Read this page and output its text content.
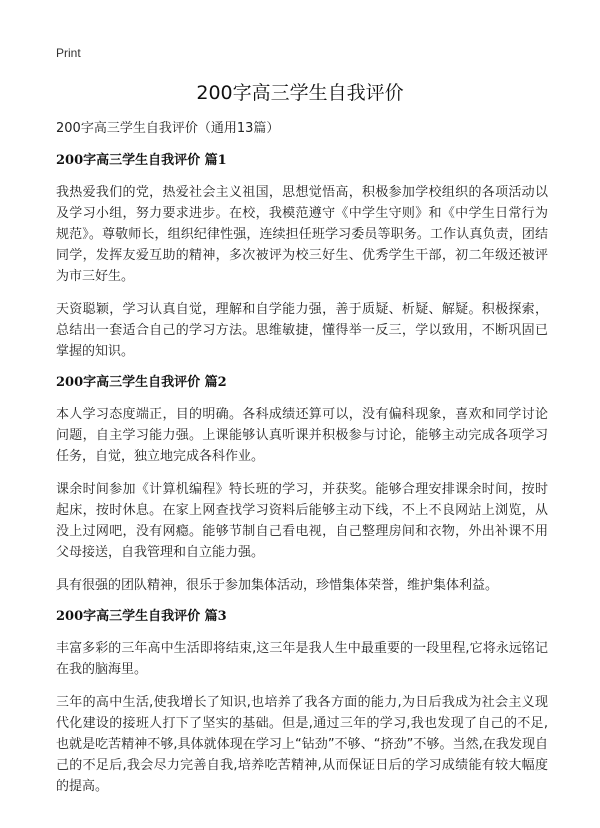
Print
200字高三学生自我评价

200字高三学生自我评价（通用13篇）

200字高三学生自我评价 篇1

我热爱我们的党，热爱社会主义祖国，思想觉悟高，积极参加学校组织的各项活动以及学习小组，努力要求进步。在校，我模范遵守《中学生守则》和《中学生日常行为规范》。尊敬师长，组织纪律性强，连续担任班学习委员等职务。工作认真负责，团结同学，发挥友爱互助的精神，多次被评为校三好生、优秀学生干部，初二年级还被评为市三好生。

天资聪颖，学习认真自觉，理解和自学能力强，善于质疑、析疑、解疑。积极探索，总结出一套适合自己的学习方法。思维敏捷，懂得举一反三，学以致用，不断巩固已掌握的知识。

200字高三学生自我评价 篇2

本人学习态度端正，目的明确。各科成绩还算可以，没有偏科现象，喜欢和同学讨论问题，自主学习能力强。上课能够认真听课并积极参与讨论，能够主动完成各项学习任务，自觉，独立地完成各科作业。

课余时间参加《计算机编程》特长班的学习，并获奖。能够合理安排课余时间，按时起床，按时休息。在家上网查找学习资料后能够主动下线，不上不良网站上浏览，从没上过网吧，没有网瘾。能够节制自己看电视，自己整理房间和衣物，外出补课不用父母接送，自我管理和自立能力强。

具有很强的团队精神，很乐于参加集体活动，珍惜集体荣誉，维护集体利益。

200字高三学生自我评价 篇3

丰富多彩的三年高中生活即将结束,这三年是我人生中最重要的一段里程,它将永远铭记在我的脑海里。

三年的高中生活,使我增长了知识,也培养了我各方面的能力,为日后我成为社会主义现代化建设的接班人打下了坚实的基础。但是,通过三年的学习,我也发现了自己的不足,也就是吃苦精神不够,具体就体现在学习上“钻劲”不够、“挤劲”不够。当然,在我发现自己的不足后,我会尽力完善自我,培养吃苦精神,从而保证日后的学习成绩能有较大幅度的提高。
